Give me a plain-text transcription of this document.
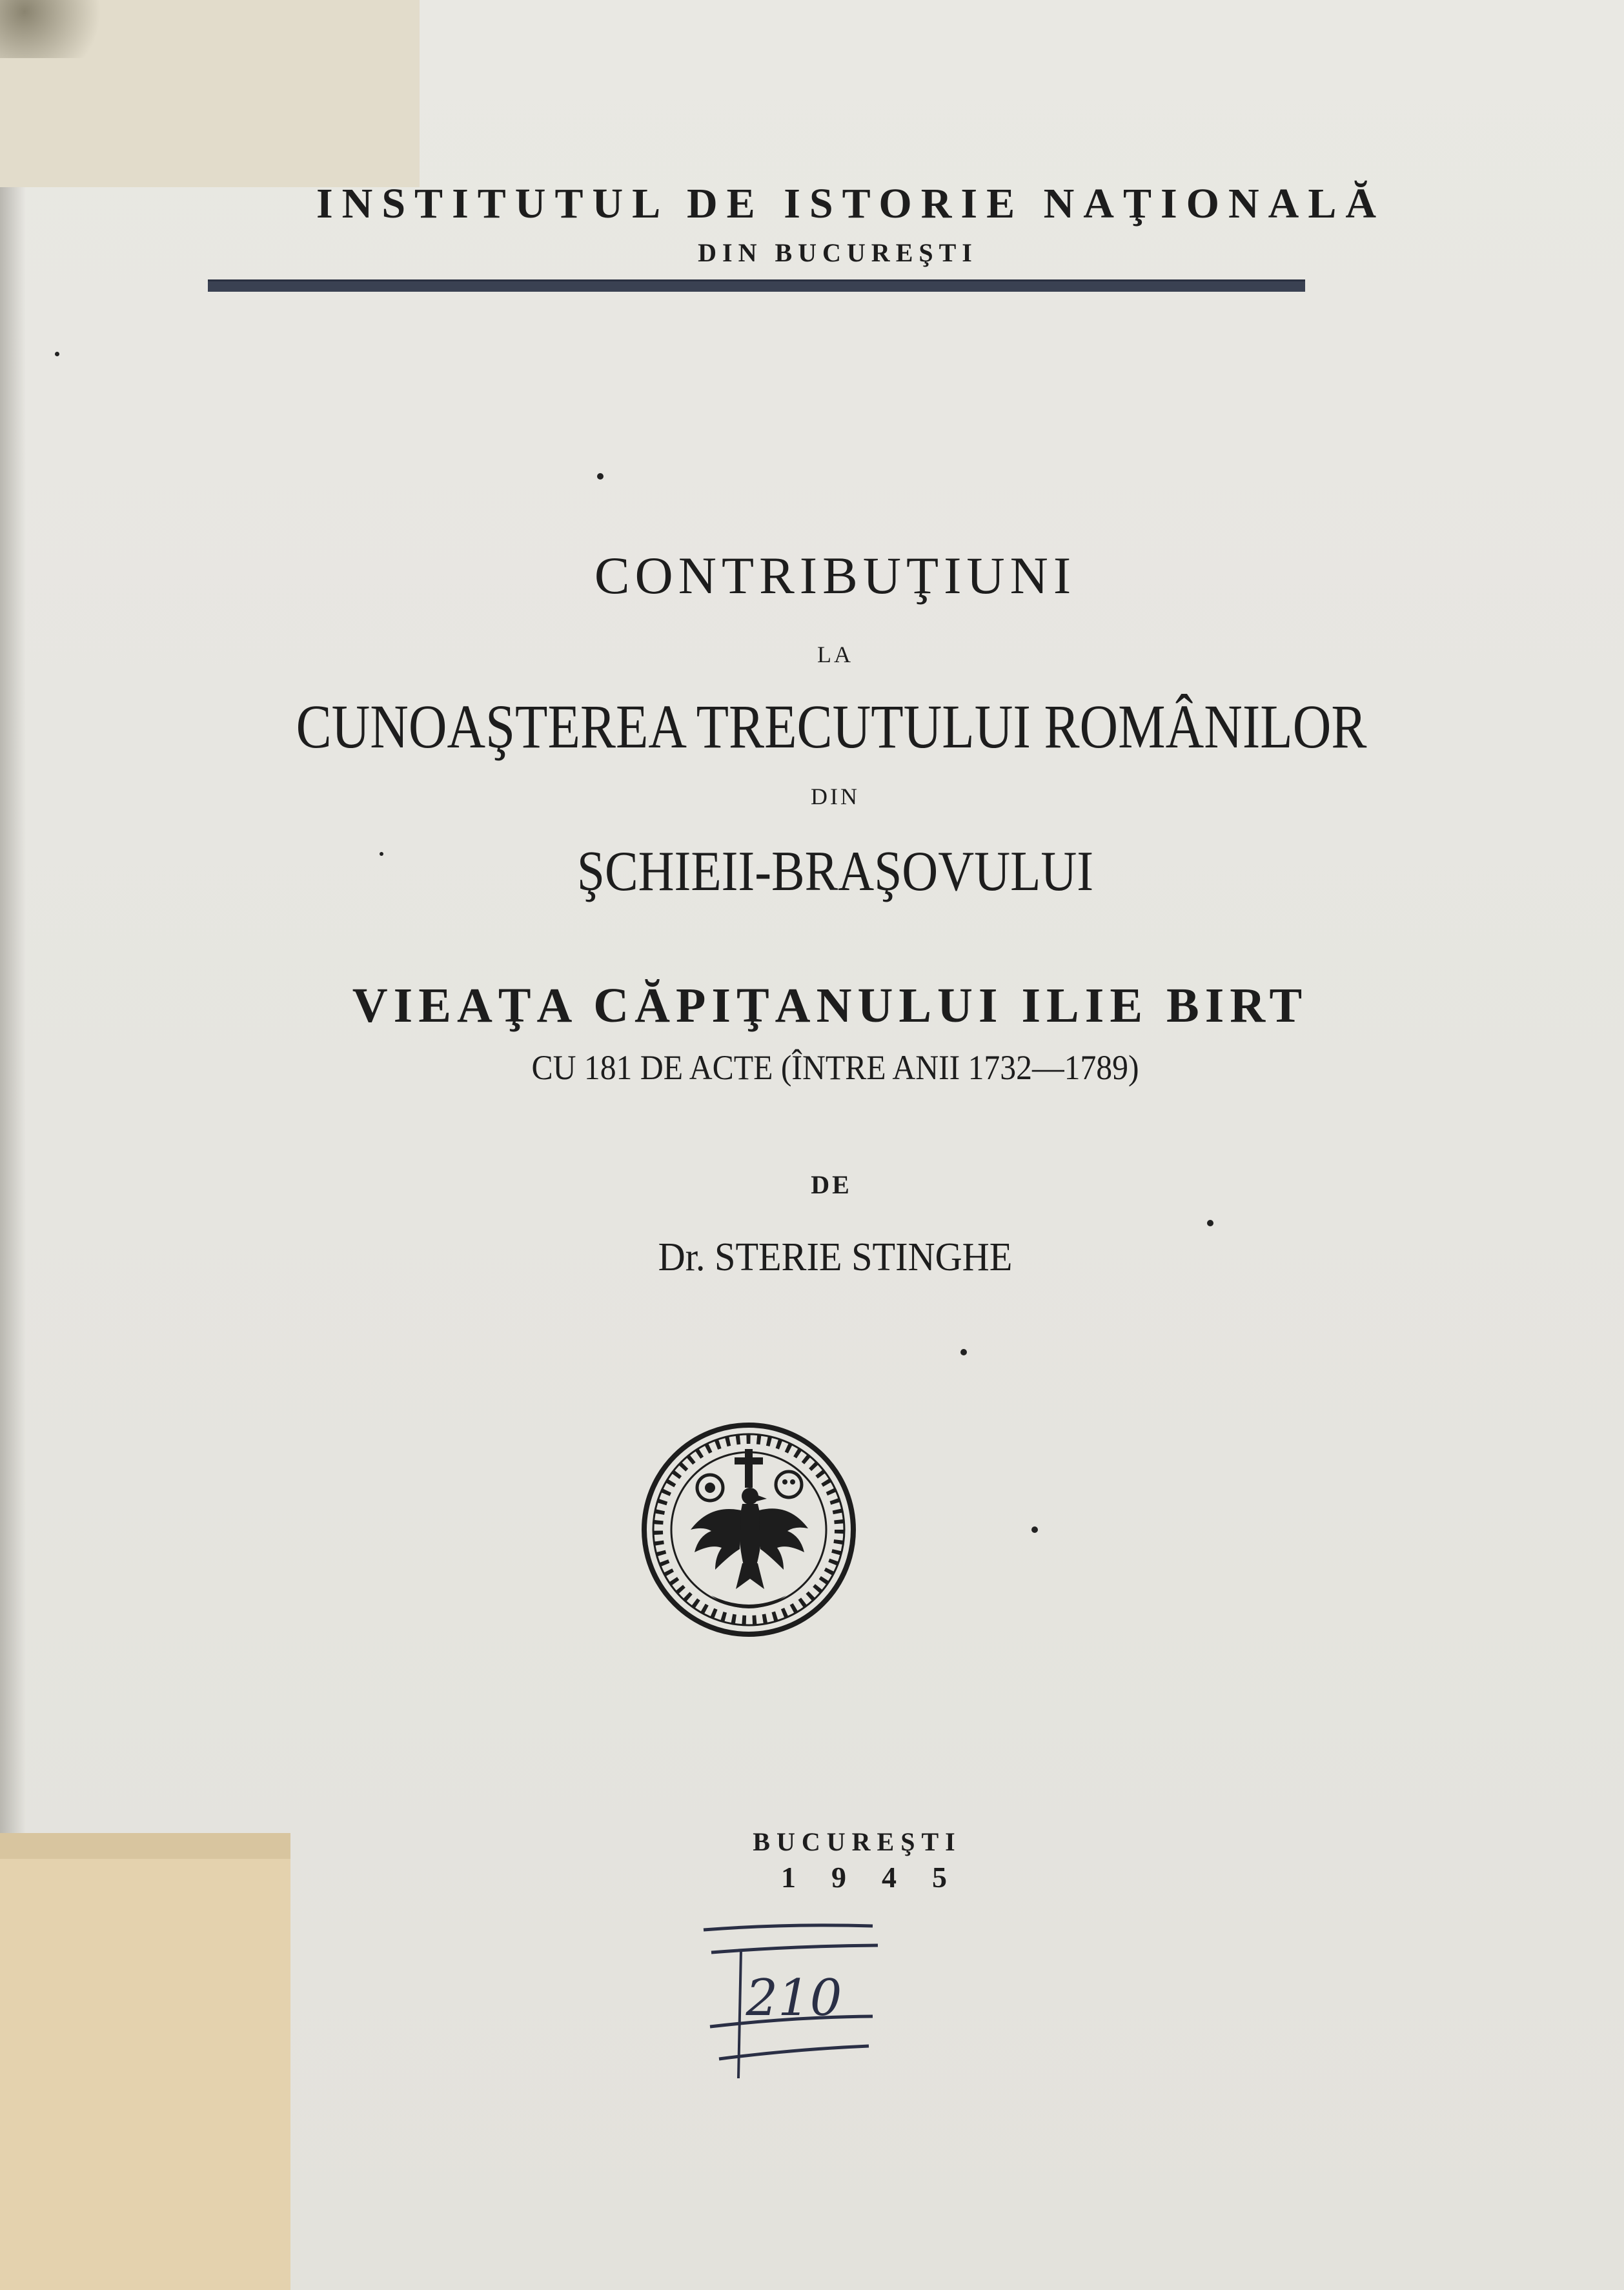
INSTITUTUL DE ISTORIE NAŢIONALĂ

DIN BUCUREŞTI

CONTRIBUŢIUNI

LA

CUNOAŞTEREA TRECUTULUI ROMÂNILOR

DIN

ŞCHIEII-BRAŞOVULUI

VIEAŢA CĂPIŢANULUI ILIE BIRT

CU 181 DE ACTE (ÎNTRE ANII 1732—1789)

DE

Dr. STERIE STINGHE

BUCUREŞTI

1945

210
